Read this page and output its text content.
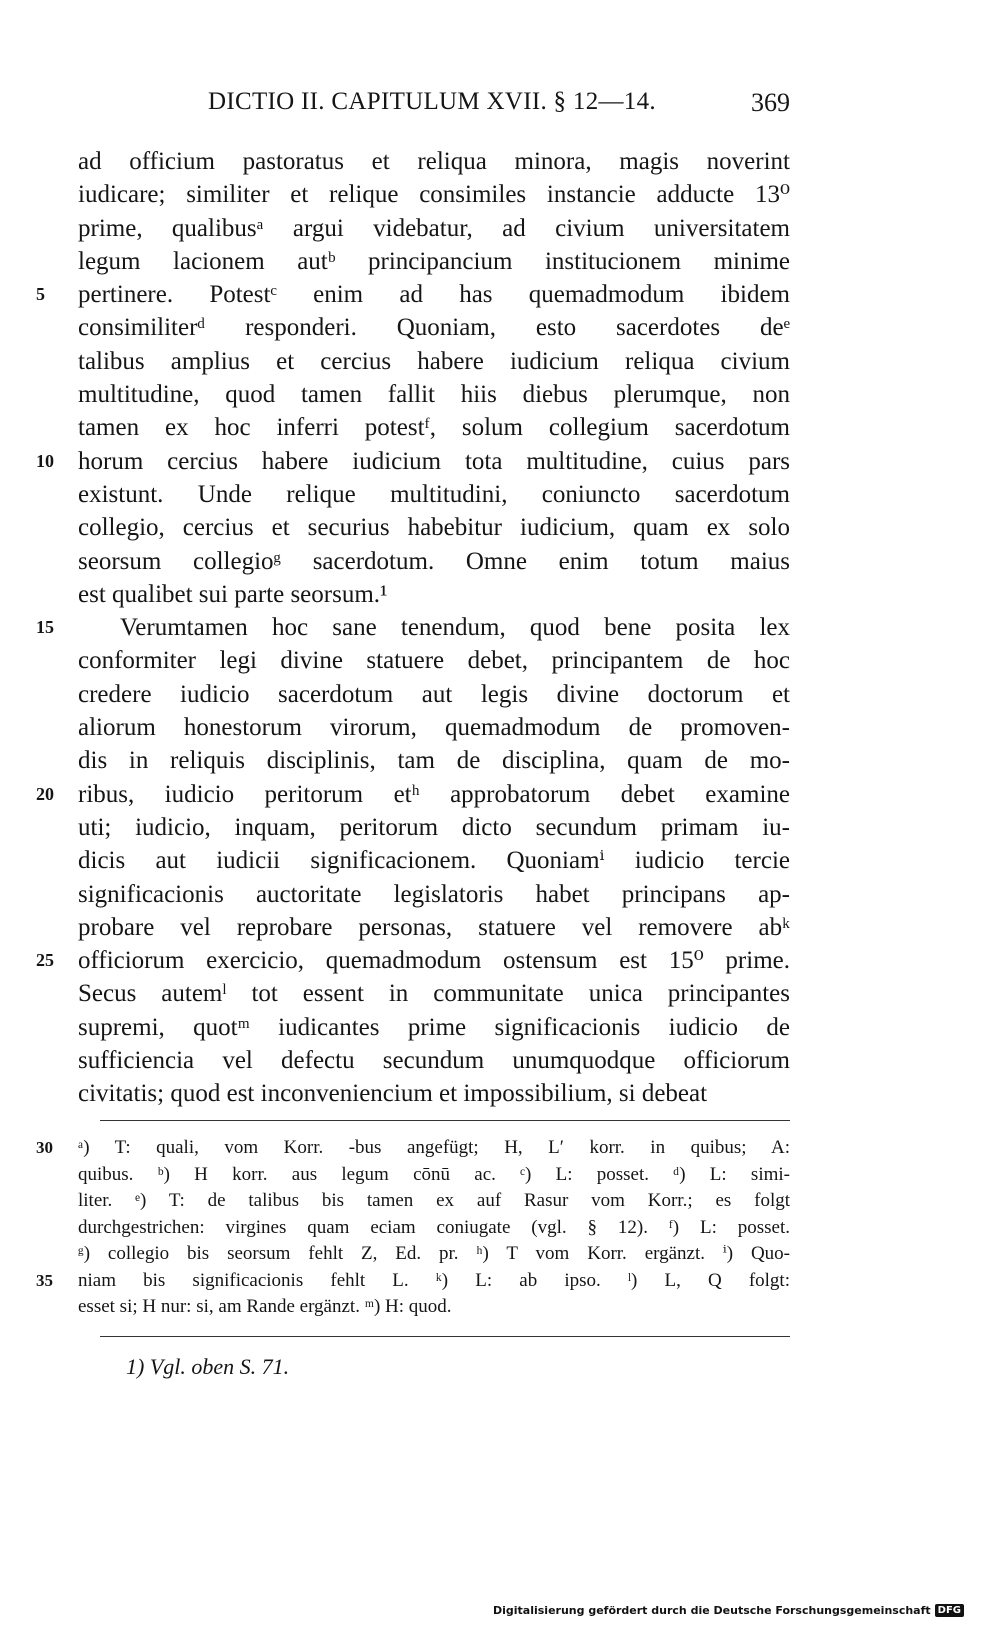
DICTIO II. CAPITULUM XVII. § 12—14.	369
ad officium pastoratus et reliqua minora, magis noverint
iudicare; similiter et relique consimiles instancie adducte 13⁰
prime, qualibusᵃ argui videbatur, ad civium universitatem
legum lacionem autᵇ principancium institucionem minime
5 pertinere. Potestᶜ enim ad has quemadmodum ibidem
consimiliterᵈ responderi. Quoniam, esto sacerdotes deᵉ
talibus amplius et cercius habere iudicium reliqua civium
multitudine, quod tamen fallit hiis diebus plerumque, non
tamen ex hoc inferri potestᶠ, solum collegium sacerdotum
10 horum cercius habere iudicium tota multitudine, cuius pars
existunt. Unde relique multitudini, coniuncto sacerdotum
collegio, cercius et securius habebitur iudicium, quam ex solo
seorsum collegioᵍ sacerdotum. Omne enim totum maius
est qualibet sui parte seorsum.¹
15	Verumtamen hoc sane tenendum, quod bene posita lex
conformiter legi divine statuere debet, principantem de hoc
credere iudicio sacerdotum aut legis divine doctorum et
aliorum honestorum virorum, quemadmodum de promoven-
dis in reliquis disciplinis, tam de disciplina, quam de mo-
20 ribus, iudicio peritorum etʰ approbatorum debet examine
uti; iudicio, inquam, peritorum dicto secundum primam iu-
dicis aut iudicii significacionem. Quoniamⁱ iudicio tercie
significacionis auctoritate legislatoris habet principans ap-
probare vel reprobare personas, statuere vel removere abᵏ
25 officiorum exercicio, quemadmodum ostensum est 15⁰ prime.
Secus autemˡ tot essent in communitate unica principantes
supremi, quotᵐ iudicantes prime significacionis iudicio de
sufficiencia vel defectu secundum unumquodque officiorum
civitatis; quod est inconveniencium et impossibilium, si debeat
30 ᵃ) T: quali, vom Korr. -bus angefügt; H, L′ korr. in quibus; A:
quibus. ᵇ) H korr. aus legum cōnū ac. ᶜ) L: posset. ᵈ) L: simi-
liter. ᵉ) T: de talibus bis tamen ex auf Rasur vom Korr.; es folgt
durchgestrichen: virgines quam eciam coniugate (vgl. § 12). ᶠ) L: posset.
ᵍ) collegio bis seorsum fehlt Z, Ed. pr. ʰ) T vom Korr. ergänzt. ⁱ) Quo-
35 niam bis significacionis fehlt L. ᵏ) L: ab ipso. ˡ) L, Q folgt:
esset si; H nur: si, am Rande ergänzt. ᵐ) H: quod.
1) Vgl. oben S. 71.
Digitalisierung gefördert durch die Deutsche Forschungsgemeinschaft DFG
